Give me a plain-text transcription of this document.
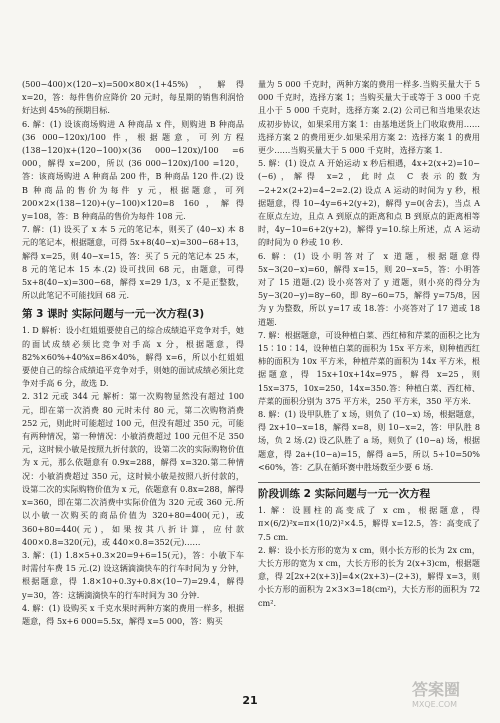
(500−400)×(120−x)=500×80×(1+45%)，解得 x=20，答：每件售价应降价 20 元时，每星期的销售利润恰好达到 45%的预期目标.

6. 解：(1) 设该商场购进 A 种商品 x 件，则购进 B 种商品 (36 000−120x)/100 件，根据题意，可列方程(138−120)x+(120−100)×(36 000−120x)/100 =6 000，解得 x=200，所以 (36 000−120x)/100 =120，答：该商场购进 A 种商品 200 件，B 种商品 120 件.(2) 设 B 种商品的售价为每件 y 元，根据题意，可列 200×2×(138−120)+(y−100)×120=8 160，解得 y=108，答：B 种商品的售价为每件 108 元.

7. 解：(1) 设买了 x 本 5 元的笔记本，则买了 (40−x) 本 8 元的笔记本，根据题意，可得 5x+8(40−x)=300−68+13，解得 x=25，则 40−x=15，答：买了 5 元的笔记本 25 本，8 元的笔记本 15 本.(2) 设可找回 68 元，由题意，可得 5x+8(40−x)=300−68，解得 x=29 1/3，x 不是正整数，所以此笔记不可能找回 68 元.

第 3 课时 实际问题与一元一次方程(3)

1. D 解析：设小红姐姐要使自己的综合成绩追平竞争对手，她的面试成绩必须比竞争对手高 x 分，根据题意，得 82%×60%+40%x=86×40%，解得 x=6，所以小红姐姐要使自己的综合成绩追平竞争对手，则她的面试成绩必须比竞争对手高 6 分，故选 D.

2. 312 元或 344 元 解析：第一次购物显然没有超过 100 元，即在第一次消费 80 元时未付 80 元，第二次购物消费 252 元，则此时可能超过 100 元，但没有超过 350 元，可能有两种情况，第一种情况：小敏消费超过 100 元但不足 350 元，这时候小敏是按照九折付款的，设第二次的实际购物价值为 x 元，那么依题意有 0.9x=288，解得 x=320.第二种情况：小敏消费超过 350 元，这时候小敏是按照八折付款的，设第二次的实际购物价值为 x 元，依题意有 0.8x=288，解得 x=360，即在第二次消费中实际价值为 320 元或 360 元.所以小敏一次购买的商品价值为 320+80=400(元)，或 360+80=440(元)，如果按其八折计算，应付款 400×0.8=320(元)，或 440×0.8=352(元)……

3. 解：(1) 1.8×5+0.3×20=9+6=15(元)，答：小敏下车时需付车费 15 元.(2) 设这辆滴滴快车的行车时间为 y 分钟，根据题意，得 1.8×10+0.3y+0.8×(10−7)=29.4，解得 y=30，答：这辆滴滴快车的行车时间为 30 分钟.

4. 解：(1) 设购买 x 千克水果时两种方案的费用一样多，根据题意，得 5x+6 000=5.5x，解得 x=5 000，答：购买

量为 5 000 千克时，两种方案的费用一样多.当购买量大于 5 000 千克时，选择方案 1；当购买量大于或等于 3 000 千克且小于 5 000 千克时，选择方案 2.(2) 公司已和当地果农达成初步协议，如果采用方案 1：由基地送货上门收取费用……选择方案 2 的费用更少.如果采用方案 2：选择方案 1 的费用更少……当购买量大于 5 000 千克时，选择方案 1.

5. 解：(1) 设点 A 开始运动 x 秒后相遇，4x+2(x+2)=10−(−6)，解得 x=2，此时点 C 表示的数为 −2+2×(2+2)=4−2=2.(2) 设点 A 运动的时间为 y 秒，根据题意，得 10−4y=6+2(y+2)，解得 y=0(舍去)，当点 A 在原点左边，且点 A 到原点的距离和点 B 到原点的距离相等时，4y−10=6+2(y+2)，解得 y=10.综上所述，点 A 运动的时间为 0 秒或 10 秒.

6. 解：(1) 设小明答对了 x 道题，根据题意得 5x−3(20−x)=60，解得 x=15，则 20−x=5，答：小明答对了 15 道题.(2) 设小亮答对了 y 道题，则小亮的得分为 5y−3(20−y)=8y−60，即 8y−60=75，解得 y=75/8，因为 y 为整数，所以 y=17 或 18.答：小亮答对了 17 道或 18 道题.

7. 解：根据题意，可设种植白菜、西红柿和芹菜的面积之比为 15∶10∶14，设种植白菜的面积为 15x 平方米，则种植西红柿的面积为 10x 平方米，种植芹菜的面积为 14x 平方米，根据题意，得 15x+10x+14x=975，解得 x=25，则 15x=375，10x=250，14x=350.答：种植白菜、西红柿、芹菜的面积分别为 375 平方米，250 平方米，350 平方米.

8. 解：(1) 设甲队胜了 x 场，则负了 (10−x) 场，根据题意，得 2x+10−x=18，解得 x=8，则 10−x=2，答：甲队胜 8 场，负 2 场.(2) 设乙队胜了 a 场，则负了 (10−a) 场，根据题意，得 2a+(10−a)=15，解得 a=5，所以 5÷10=50%<60%，答：乙队在循环赛中胜场数至少要 6 场.

阶段训练 2 实际问题与一元一次方程

1. 解：设圆柱的高变成了 x cm，根据题意，得 π×(6/2)²x=π×(10/2)²×4.5，解得 x=12.5，答：高变成了 7.5 cm.

2. 解：设小长方形的宽为 x cm，则小长方形的长为 2x cm，大长方形的宽为 x cm，大长方形的长为 2(x+3)cm，根据题意，得 2[2x+2(x+3)]=4×(2x+3)−(2+3)，解得 x=3，则小长方形的面积为 2×3×3=18(cm²)，大长方形的面积为 72 cm².

21
答案圈
MXQE.COM
